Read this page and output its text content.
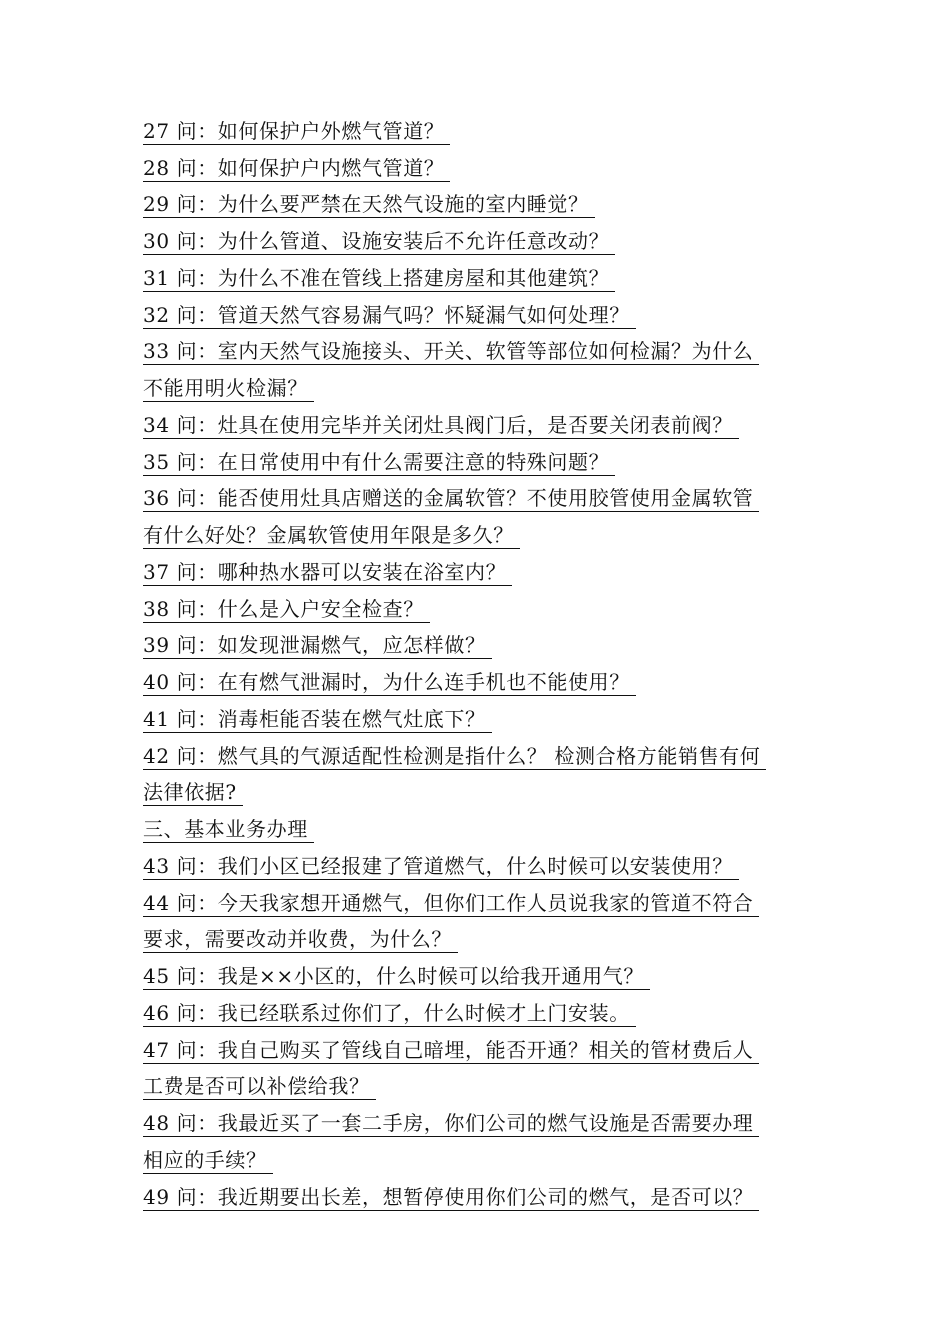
27 问：如何保护户外燃气管道？
28 问：如何保护户内燃气管道？
29 问：为什么要严禁在天然气设施的室内睡觉？
30 问：为什么管道、设施安装后不允许任意改动？
31 问：为什么不准在管线上搭建房屋和其他建筑？
32 问：管道天然气容易漏气吗？怀疑漏气如何处理？
33 问：室内天然气设施接头、开关、软管等部位如何检漏？为什么
不能用明火检漏？
34 问：灶具在使用完毕并关闭灶具阀门后，是否要关闭表前阀？
35 问：在日常使用中有什么需要注意的特殊问题？
36 问：能否使用灶具店赠送的金属软管？不使用胶管使用金属软管
有什么好处？金属软管使用年限是多久？
37 问：哪种热水器可以安装在浴室内？
38 问：什么是入户安全检查？
39 问：如发现泄漏燃气，应怎样做？
40 问：在有燃气泄漏时，为什么连手机也不能使用？
41 问：消毒柜能否装在燃气灶底下？
42 问：燃气具的气源适配性检测是指什么？ 检测合格方能销售有何
法律依据?
三、基本业务办理
43 问：我们小区已经报建了管道燃气，什么时候可以安装使用？
44 问：今天我家想开通燃气，但你们工作人员说我家的管道不符合
要求，需要改动并收费，为什么？
45 问：我是××小区的，什么时候可以给我开通用气？
46 问：我已经联系过你们了，什么时候才上门安装。
47 问：我自己购买了管线自己暗埋，能否开通？相关的管材费后人
工费是否可以补偿给我？
48 问：我最近买了一套二手房，你们公司的燃气设施是否需要办理
相应的手续？
49 问：我近期要出长差，想暂停使用你们公司的燃气，是否可以？
